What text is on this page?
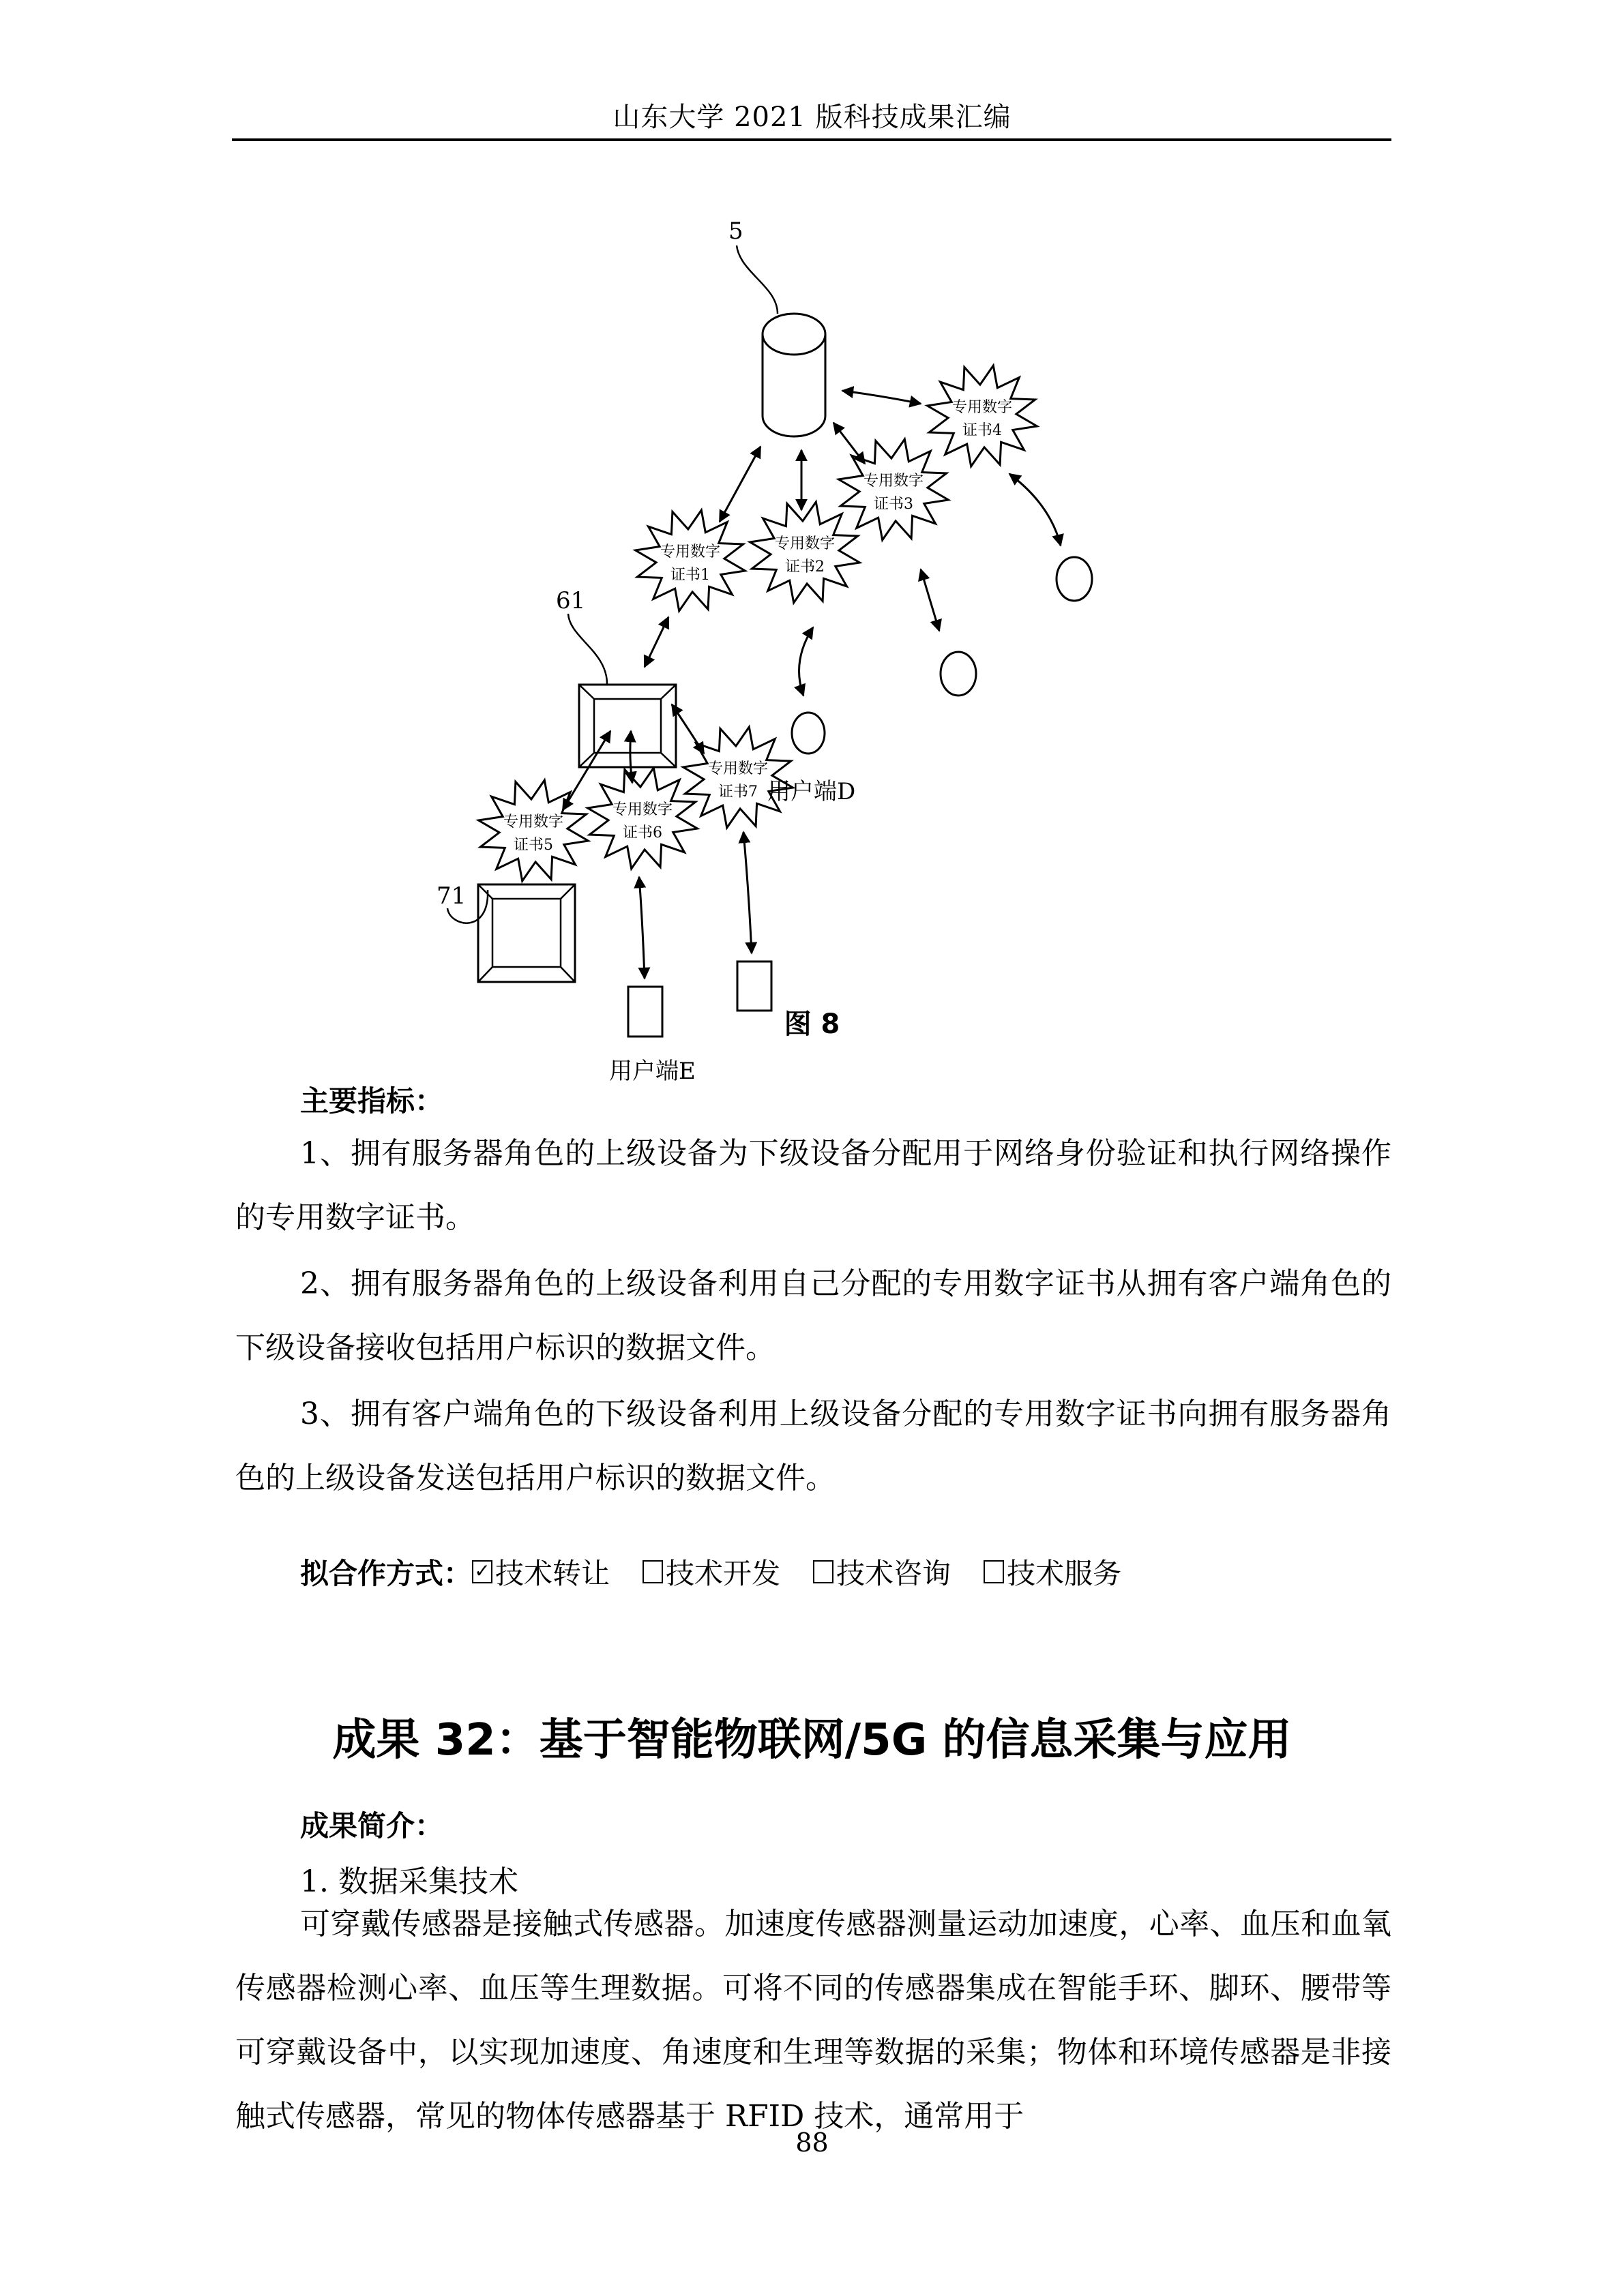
山东大学 2021 版科技成果汇编
5
专用数字
证书1
专用数字
证书2
专用数字
证书3
专用数字
证书4
专用数字
证书5
专用数字
证书6
专用数字
证书7 用户端D
61
71
用户端E
图 8
主要指标：
1、拥有服务器角色的上级设备为下级设备分配用于网络身份验证和执行网络操作的专用数字证书。
2、拥有服务器角色的上级设备利用自己分配的专用数字证书从拥有客户端角色的下级设备接收包括用户标识的数据文件。
3、拥有客户端角色的下级设备利用上级设备分配的专用数字证书向拥有服务器角色的上级设备发送包括用户标识的数据文件。
拟合作方式： ✓ 技术转让 技术开发 技术咨询 技术服务
成果 32：基于智能物联网/5G 的信息采集与应用
成果简介：
1. 数据采集技术
可穿戴传感器是接触式传感器。加速度传感器测量运动加速度，心率、血压和血氧传感器检测心率、血压等生理数据。可将不同的传感器集成在智能手环、脚环、腰带等可穿戴设备中，以实现加速度、角速度和生理等数据的采集；物体和环境传感器是非接触式传感器，常见的物体传感器基于 RFID 技术，通常用于
88
